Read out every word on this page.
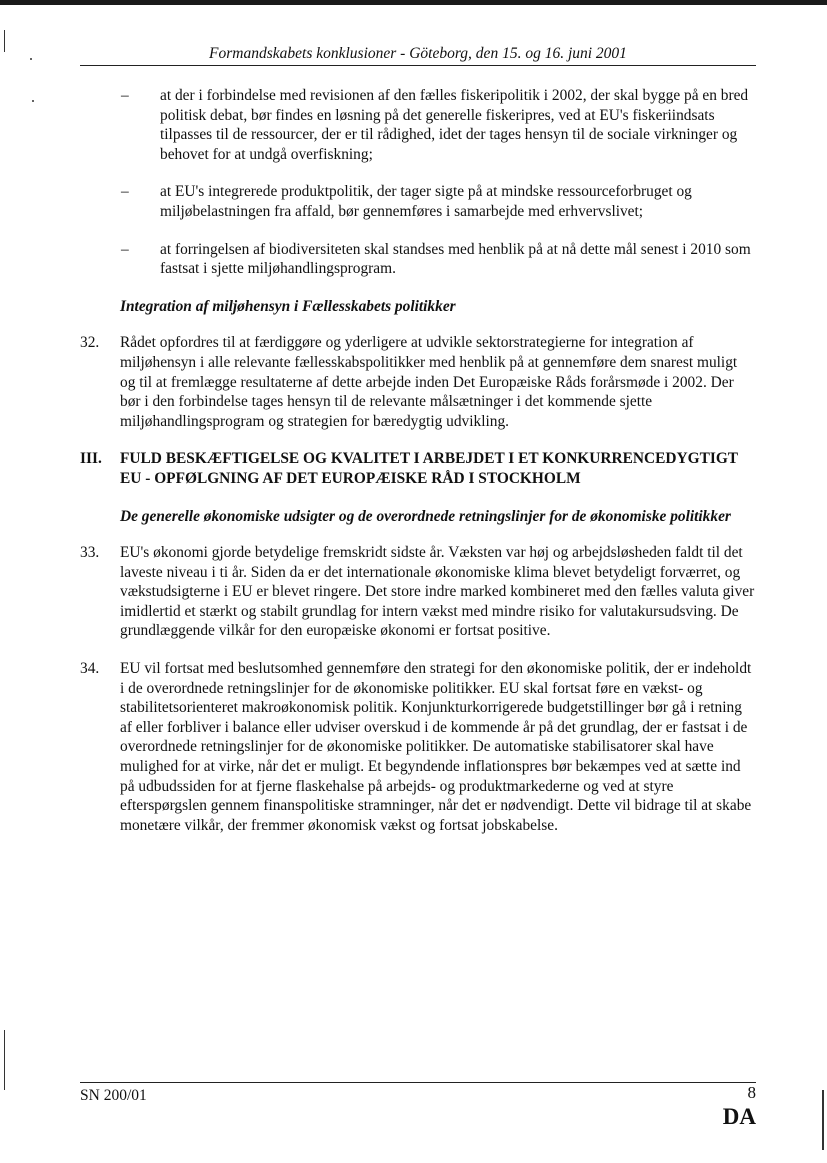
Formandskabets konklusioner - Göteborg, den 15. og 16. juni 2001
– at der i forbindelse med revisionen af den fælles fiskeripolitik i 2002, der skal bygge på en bred politisk debat, bør findes en løsning på det generelle fiskeripres, ved at EU's fiskeriindsats tilpasses til de ressourcer, der er til rådighed, idet der tages hensyn til de sociale virkninger og behovet for at undgå overfiskning;
– at EU's integrerede produktpolitik, der tager sigte på at mindske ressourceforbruget og miljøbelastningen fra affald, bør gennemføres i samarbejde med erhvervslivet;
– at forringelsen af biodiversiteten skal standses med henblik på at nå dette mål senest i 2010 som fastsat i sjette miljøhandlingsprogram.
Integration af miljøhensyn i Fællesskabets politikker
32. Rådet opfordres til at færdiggøre og yderligere at udvikle sektorstrategierne for integration af miljøhensyn i alle relevante fællesskabspolitikker med henblik på at gennemføre dem snarest muligt og til at fremlægge resultaterne af dette arbejde inden Det Europæiske Råds forårsmøde i 2002. Der bør i den forbindelse tages hensyn til de relevante målsætninger i det kommende sjette miljøhandlingsprogram og strategien for bæredygtig udvikling.
III. FULD BESKÆFTIGELSE OG KVALITET I ARBEJDET I ET KONKURRENCEDYGTIGT EU - OPFØLGNING AF DET EUROPÆISKE RÅD I STOCKHOLM
De generelle økonomiske udsigter og de overordnede retningslinjer for de økonomiske politikker
33. EU's økonomi gjorde betydelige fremskridt sidste år. Væksten var høj og arbejdsløsheden faldt til det laveste niveau i ti år. Siden da er det internationale økonomiske klima blevet betydeligt forværret, og vækstudsigterne i EU er blevet ringere. Det store indre marked kombineret med den fælles valuta giver imidlertid et stærkt og stabilt grundlag for intern vækst med mindre risiko for valutakursudsving. De grundlæggende vilkår for den europæiske økonomi er fortsat positive.
34. EU vil fortsat med beslutsomhed gennemføre den strategi for den økonomiske politik, der er indeholdt i de overordnede retningslinjer for de økonomiske politikker. EU skal fortsat føre en vækst- og stabilitetsorienteret makroøkonomisk politik. Konjunkturkorrigerede budgetstillinger bør gå i retning af eller forbliver i balance eller udviser overskud i de kommende år på det grundlag, der er fastsat i de overordnede retningslinjer for de økonomiske politikker. De automatiske stabilisatorer skal have mulighed for at virke, når det er muligt. Et begyndende inflationspres bør bekæmpes ved at sætte ind på udbudssiden for at fjerne flaskehalse på arbejds- og produktmarkederne og ved at styre efterspørgslen gennem finanspolitiske stramninger, når det er nødvendigt. Dette vil bidrage til at skabe monetære vilkår, der fremmer økonomisk vækst og fortsat jobskabelse.
SN 200/01	8
DA
